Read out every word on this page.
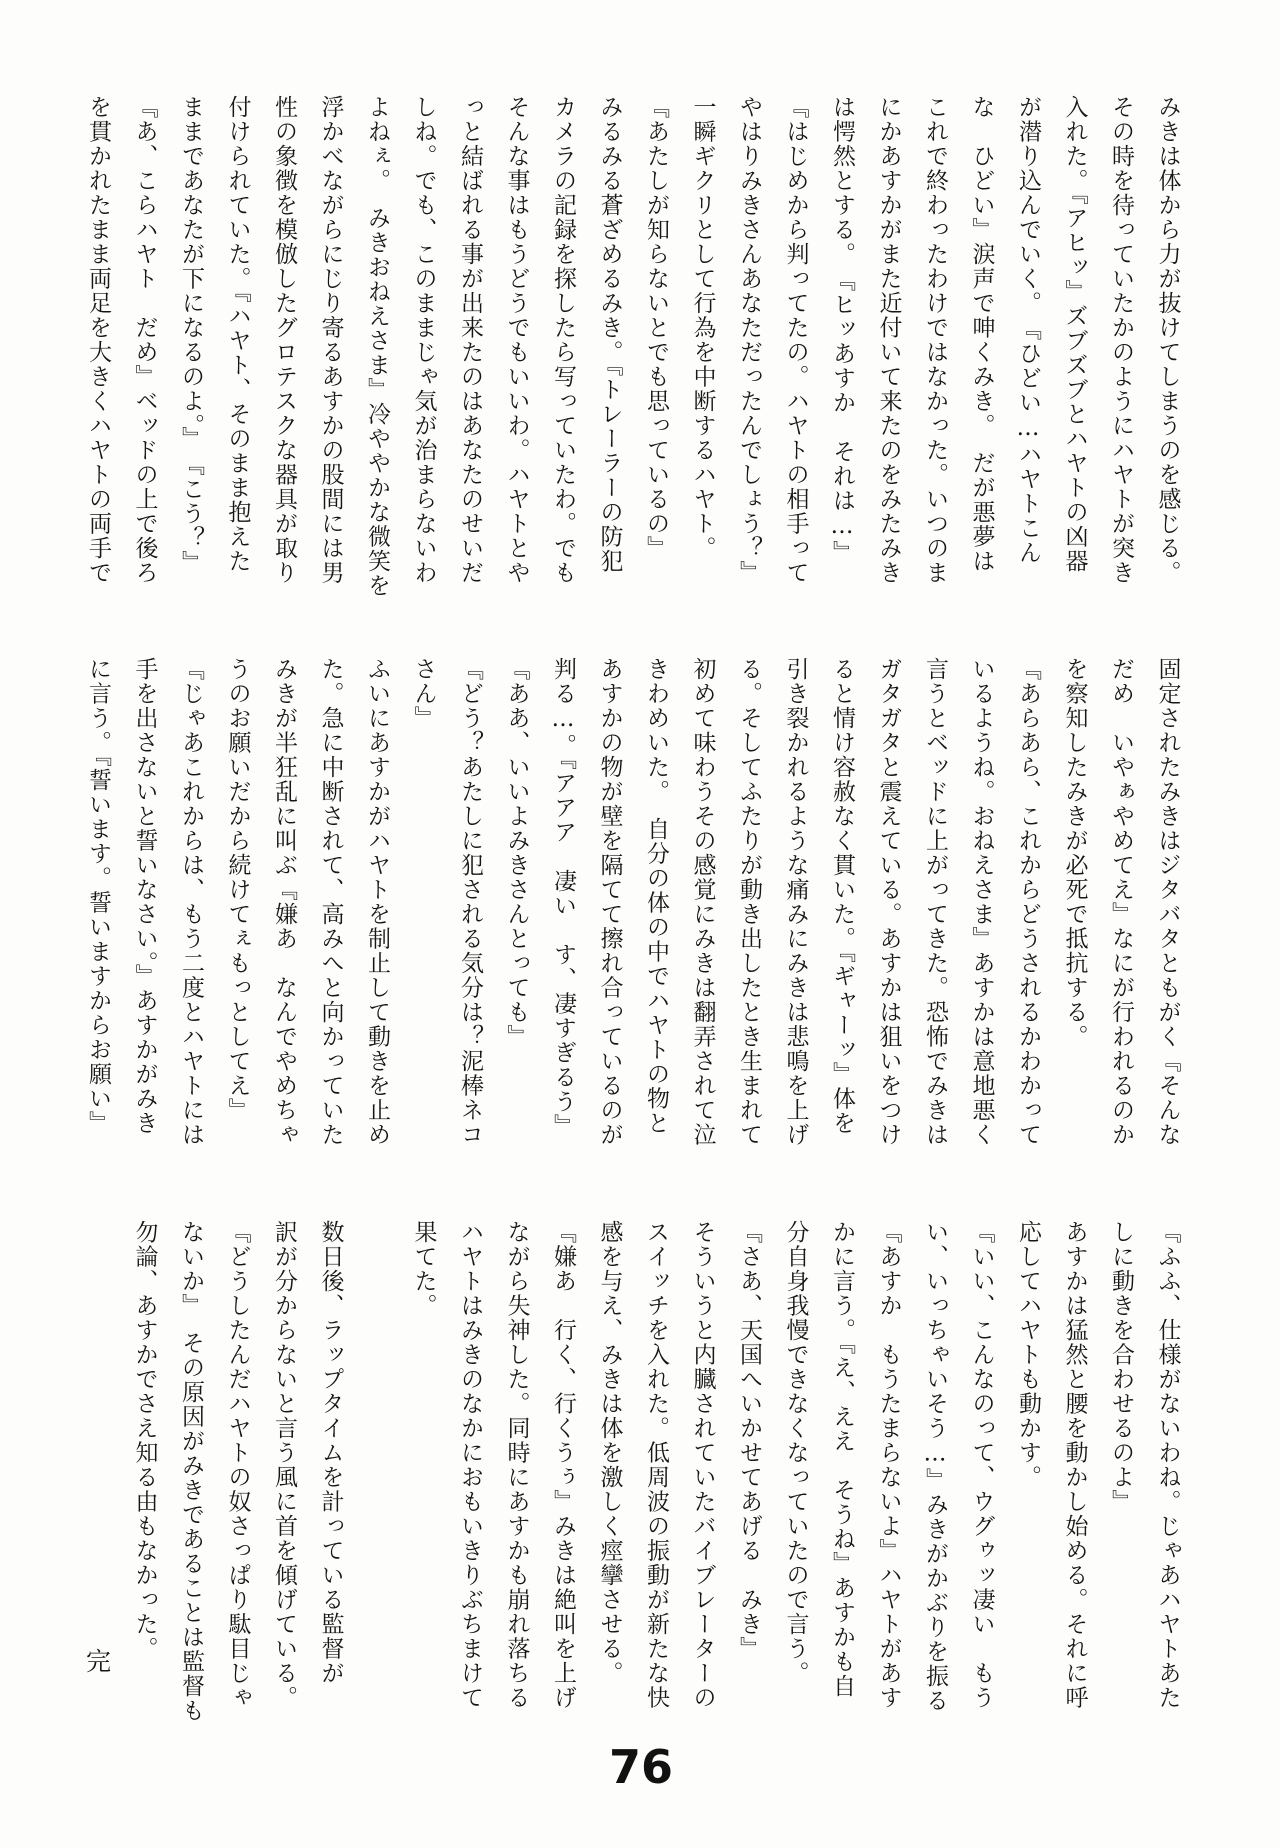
みきは体から力が抜けてしまうのを感じる。
その時を待っていたかのようにハヤトが突き
入れた。『アヒッ』ズブズブとハヤトの凶器
が潜り込んでいく。　『ひどい…ハヤトこん
な　ひどい』涙声で呻くみき。　だが悪夢は
これで終わったわけではなかった。いつのま
にかあすかがまた近付いて来たのをみたみき
は愕然とする。　『ヒッあすか　それは…』
『はじめから判ってたの。ハヤトの相手って
やはりみきさんあなただったんでしょう？』
一瞬ギクリとして行為を中断するハヤト。
『あたしが知らないとでも思っているの』
みるみる蒼ざめるみき。『トレーラーの防犯
カメラの記録を探したら写っていたわ。でも
そんな事はもうどうでもいいわ。ハヤトとや
っと結ばれる事が出来たのはあなたのせいだ
しね。でも、このままじゃ気が治まらないわ
よねぇ。　みきおねえさま』冷ややかな微笑を
浮かべながらにじり寄るあすかの股間には男
性の象徴を模倣したグロテスクな器具が取り
付けられていた。『ハヤト、そのまま抱えた
ままであなたが下になるのよ。』　『こう？』
『あ、こらハヤト　だめ』ベッドの上で後ろ
を貫かれたまま両足を大きくハヤトの両手で
固定されたみきはジタバタともがく『そんな
だめ　いやぁやめてえ』なにが行われるのか
を察知したみきが必死で抵抗する。
『あらあら、これからどうされるかわかって
いるようね。おねえさま』あすかは意地悪く
言うとベッドに上がってきた。恐怖でみきは
ガタガタと震えている。あすかは狙いをつけ
ると情け容赦なく貫いた。『ギャーッ』体を
引き裂かれるような痛みにみきは悲鳴を上げ
る。そしてふたりが動き出したとき生まれて
初めて味わうその感覚にみきは翻弄されて泣
きわめいた。　自分の体の中でハヤトの物と
あすかの物が壁を隔てて擦れ合っているのが
判る…。『アアア　凄い　す、凄すぎるう』
『ああ、いいよみきさんとっても』
『どう？あたしに犯される気分は？泥棒ネコ
さん』
ふいにあすかがハヤトを制止して動きを止め
た。急に中断されて、高みへと向かっていた
みきが半狂乱に叫ぶ『嫌あ　なんでやめちゃ
うのお願いだから続けてぇもっとしてえ』
『じゃあこれからは、もう二度とハヤトには
手を出さないと誓いなさい。』あすかがみき
に言う。『誓います。誓いますからお願い』
『ふふ、仕様がないわね。じゃあハヤトあた
しに動きを合わせるのよ』
あすかは猛然と腰を動かし始める。それに呼
応してハヤトも動かす。
『いい、こんなのって、ウグゥッ凄い　もう
い、いっちゃいそう…』みきがかぶりを振る
『あすか　もうたまらないよ』ハヤトがあす
かに言う。『え、ええ　そうね』あすかも自
分自身我慢できなくなっていたので言う。
『さあ、天国へいかせてあげる　みき』
そういうと内臓されていたバイブレーターの
スイッチを入れた。低周波の振動が新たな快
感を与え、みきは体を激しく痙攣させる。
『嫌あ　行く、行くうぅ』みきは絶叫を上げ
ながら失神した。同時にあすかも崩れ落ちる
ハヤトはみきのなかにおもいきりぶちまけて
果てた。
数日後、ラップタイムを計っている監督が
訳が分からないと言う風に首を傾げている。
『どうしたんだハヤトの奴さっぱり駄目じゃ
ないか』　その原因がみきであることは監督も
勿論、あすかでさえ知る由もなかった。
完
76
